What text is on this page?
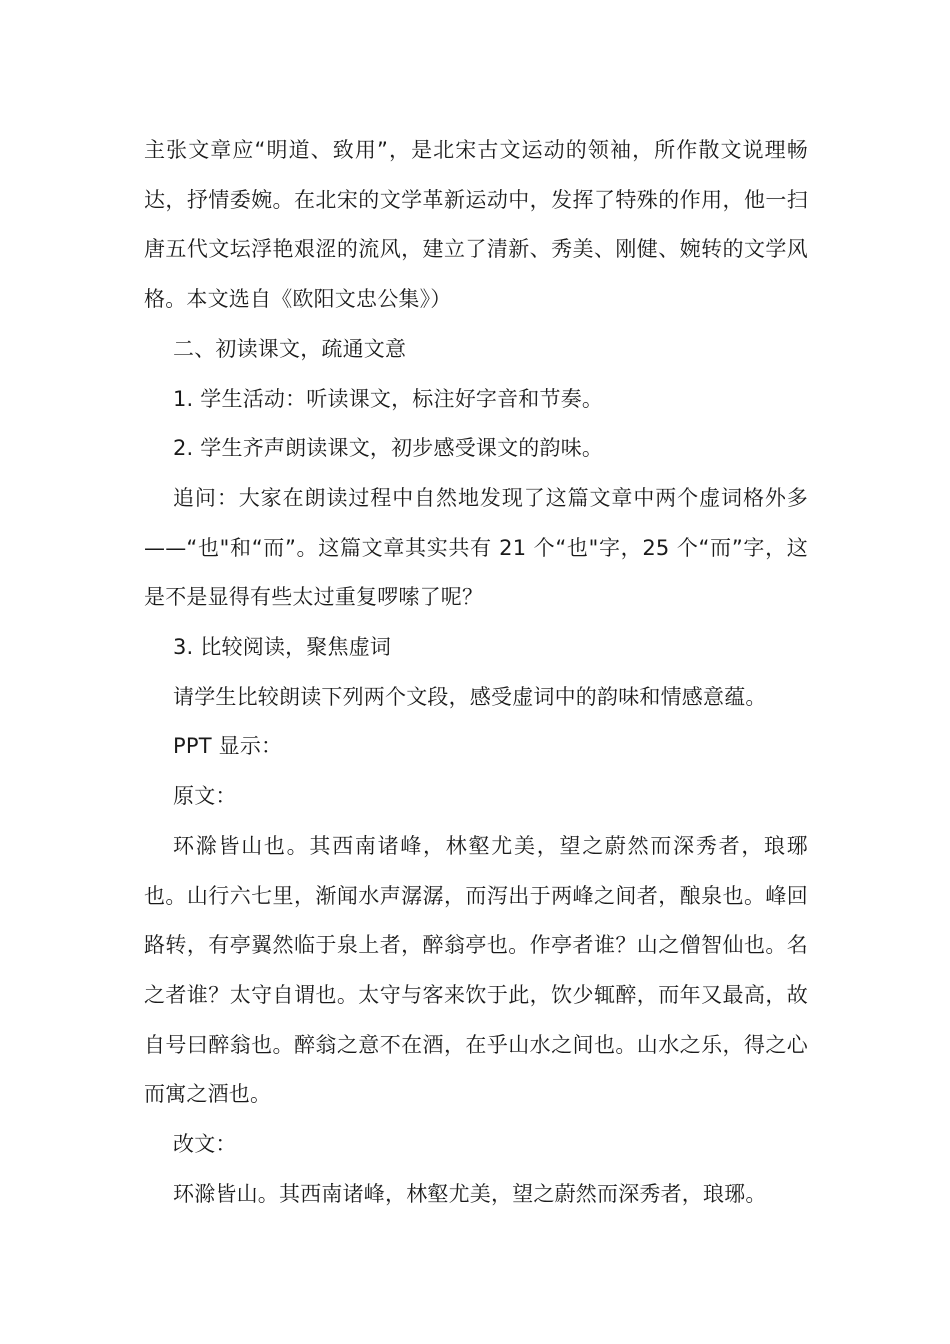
主张文章应“明道、致用”，是北宋古文运动的领袖，所作散文说理畅达，抒情委婉。在北宋的文学革新运动中，发挥了特殊的作用，他一扫唐五代文坛浮艳艰涩的流风，建立了清新、秀美、刚健、婉转的文学风格。本文选自《欧阳文忠公集》）

二、初读课文，疏通文意

1. 学生活动：听读课文，标注好字音和节奏。

2. 学生齐声朗读课文，初步感受课文的韵味。

追问：大家在朗读过程中自然地发现了这篇文章中两个虚词格外多——“也"和“而”。这篇文章其实共有 21 个“也"字，25 个“而”字，这是不是显得有些太过重复啰嗦了呢？

3. 比较阅读，聚焦虚词

请学生比较朗读下列两个文段，感受虚词中的韵味和情感意蕴。

PPT 显示：

原文：

环滁皆山也。其西南诸峰，林壑尤美，望之蔚然而深秀者，琅琊也。山行六七里，渐闻水声潺潺，而泻出于两峰之间者，酿泉也。峰回路转，有亭翼然临于泉上者，醉翁亭也。作亭者谁？山之僧智仙也。名之者谁？太守自谓也。太守与客来饮于此，饮少辄醉，而年又最高，故自号曰醉翁也。醉翁之意不在酒，在乎山水之间也。山水之乐，得之心而寓之酒也。

改文：

环滁皆山。其西南诸峰，林壑尤美，望之蔚然而深秀者，琅琊。
